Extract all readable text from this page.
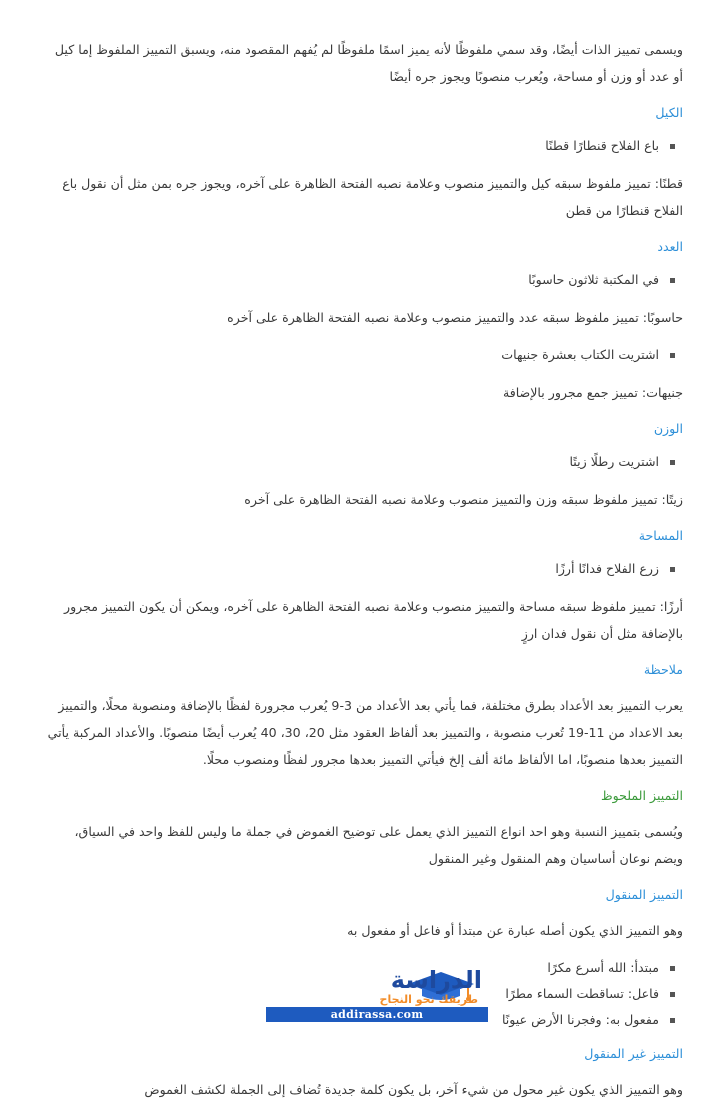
ويسمى تمييز الذات أيضًا، وقد سمي ملفوظًا لأنه يميز اسمًا ملفوظًا لم يُفهم المقصود منه، ويسبق التمييز الملفوظ إما كيل أو عدد أو وزن أو مساحة، ويُعرب منصوبًا ويجوز جره أيضًا

الكيل

باع الفلاح قنطارًا قطنًا

قطنًا: تمييز ملفوظ سبقه كيل والتمييز منصوب وعلامة نصبه الفتحة الظاهرة على آخره، ويجوز جره بمن مثل أن نقول باع الفلاح قنطارًا من قطن

العدد

في المكتبة ثلاثون حاسوبًا

حاسوبًا: تمييز ملفوظ سبقه عدد والتمييز منصوب وعلامة نصبه الفتحة الظاهرة على آخره

اشتريت الكتاب بعشرة جنيهات

جنيهات: تمييز جمع مجرور بالإضافة

الوزن

اشتريت رطلًا زيتًا

زيتًا: تمييز ملفوظ سبقه وزن والتمييز منصوب وعلامة نصبه الفتحة الظاهرة على آخره

المساحة

زرع الفلاح فدانًا أرزًا

أرزًا: تمييز ملفوظ سبقه مساحة والتمييز منصوب وعلامة نصبه الفتحة الظاهرة على آخره، ويمكن أن يكون التمييز مجرور بالإضافة مثل أن نقول فدان ارزٍ

ملاحظة

يعرب التمييز بعد الأعداد بطرق مختلفة، فما يأتي بعد الأعداد من 3-9 يُعرب مجرورة لفظًا بالإضافة ومنصوبة محلًا، والتمييز بعد الاعداد من 11-19 تُعرب منصوبة ، والتمييز بعد ألفاظ العقود مثل 20، 30، 40 يُعرب أيضًا منصوبًا. والأعداد المركبة يأتي التمييز بعدها منصوبًا، اما الألفاظ مائة ألف إلخ فيأتي التمييز بعدها مجرور لفظًا ومنصوب محلًا.

التمييز الملحوظ

ويُسمى بتمييز النسبة وهو احد انواع التمييز الذي يعمل على توضيح الغموض في جملة ما وليس للفظ واحد في السياق، ويضم نوعان أساسيان وهم المنقول وغير المنقول

التمييز المنقول

وهو التمييز الذي يكون أصله عبارة عن مبتدأ أو فاعل أو مفعول به

مبتدأ: الله أسرع مكرًا

فاعل: تساقطت السماء مطرًا

مفعول به: وفجرنا الأرض عيونًا

التمييز غير المنقول

وهو التمييز الذي يكون غير محول من شيء آخر، بل يكون كلمة جديدة تُضاف إلى الجملة لكشف الغموض

الدراسة
طريقك نحو النجاح
addirassa.com
